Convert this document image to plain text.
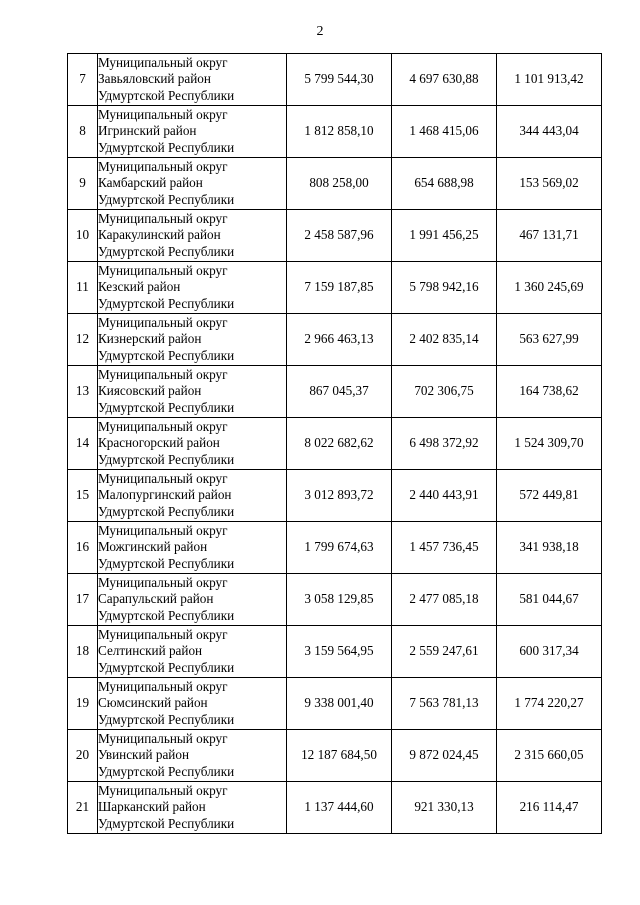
2
7	Муниципальный округ
Завьяловский район
Удмуртской Республики	5 799 544,30	4 697 630,88	1 101 913,42
8	Муниципальный округ
Игринский район
Удмуртской Республики	1 812 858,10	1 468 415,06	344 443,04
9	Муниципальный округ
Камбарский район
Удмуртской Республики	808 258,00	654 688,98	153 569,02
10	Муниципальный округ
Каракулинский район
Удмуртской Республики	2 458 587,96	1 991 456,25	467 131,71
11	Муниципальный округ
Кезский район
Удмуртской Республики	7 159 187,85	5 798 942,16	1 360 245,69
12	Муниципальный округ
Кизнерский район
Удмуртской Республики	2 966 463,13	2 402 835,14	563 627,99
13	Муниципальный округ
Киясовский район
Удмуртской Республики	867 045,37	702 306,75	164 738,62
14	Муниципальный округ
Красногорский район
Удмуртской Республики	8 022 682,62	6 498 372,92	1 524 309,70
15	Муниципальный округ
Малопургинский район
Удмуртской Республики	3 012 893,72	2 440 443,91	572 449,81
16	Муниципальный округ
Можгинский район
Удмуртской Республики	1 799 674,63	1 457 736,45	341 938,18
17	Муниципальный округ
Сарапульский район
Удмуртской Республики	3 058 129,85	2 477 085,18	581 044,67
18	Муниципальный округ
Селтинский район
Удмуртской Республики	3 159 564,95	2 559 247,61	600 317,34
19	Муниципальный округ
Сюмсинский район
Удмуртской Республики	9 338 001,40	7 563 781,13	1 774 220,27
20	Муниципальный округ
Увинский район
Удмуртской Республики	12 187 684,50	9 872 024,45	2 315 660,05
21	Муниципальный округ
Шарканский район
Удмуртской Республики	1 137 444,60	921 330,13	216 114,47
